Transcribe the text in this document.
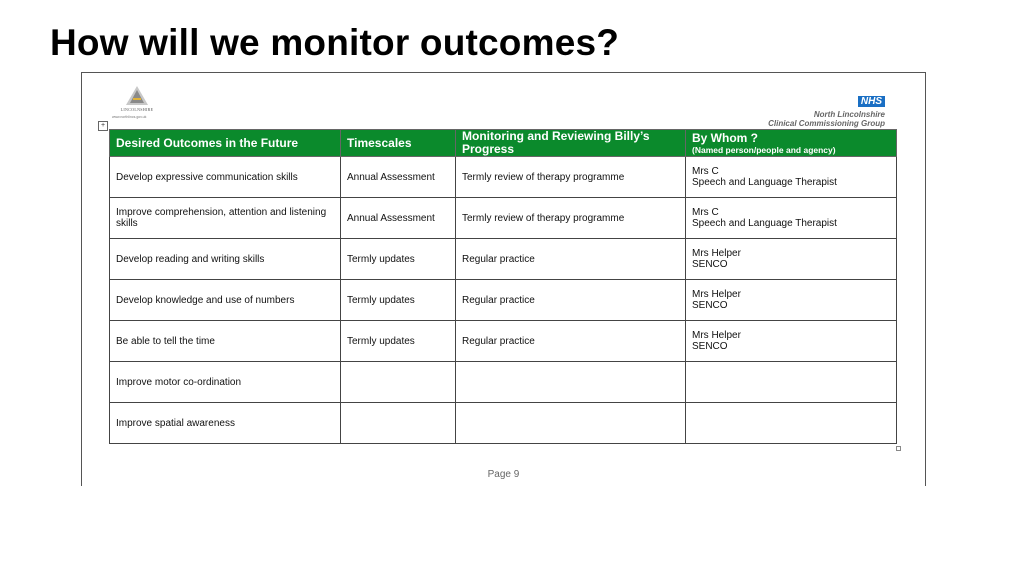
How will we monitor outcomes?
LINCOLNSHIRE
www.northlincs.gov.uk
NHS
North Lincolnshire
Clinical Commissioning Group
+
Desired Outcomes in the Future	Timescales	Monitoring and Reviewing Billy’s Progress	By Whom ?
(Named person/people and agency)

Develop expressive communication skills	Annual Assessment	Termly review of therapy programme	Mrs C
Speech and Language Therapist

Improve comprehension, attention and listening skills	Annual Assessment	Termly review of therapy programme	Mrs C
Speech and Language Therapist

Develop reading and writing skills	Termly updates	Regular practice	Mrs Helper
SENCO

Develop knowledge and use of numbers	Termly updates	Regular practice	Mrs Helper
SENCO

Be able to tell the time	Termly updates	Regular practice	Mrs Helper
SENCO

Improve motor co-ordination			

Improve spatial awareness			
Page 9
